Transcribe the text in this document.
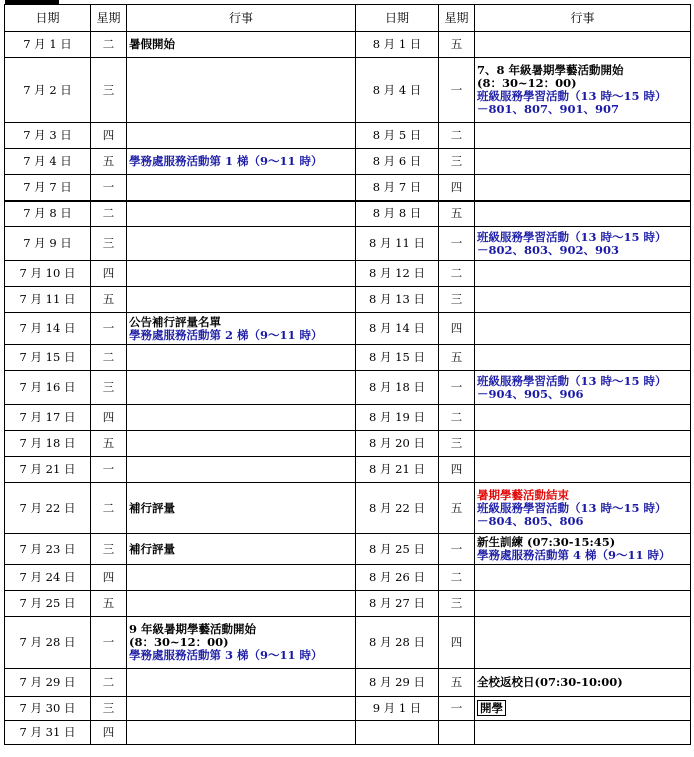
日期	星期	行事	日期	星期	行事
7 月 1 日	二	暑假開始	8 月 1 日	五	
7 月 2 日	三		8 月 4 日	一	7、8 年級暑期學藝活動開始
(8：30~12：00)
班級服務學習活動（13 時～15 時）
－801、807、901、907

7 月 3 日	四		8 月 5 日	二	
7 月 4 日	五	學務處服務活動第 1 梯（9～11 時）	8 月 6 日	三	
7 月 7 日	一		8 月 7 日	四	
7 月 8 日	二		8 月 8 日	五	
7 月 9 日	三		8 月 11 日	一	班級服務學習活動（13 時～15 時）
－802、803、902、903

7 月 10 日	四		8 月 12 日	二	
7 月 11 日	五		8 月 13 日	三	
7 月 14 日	一	公告補行評量名單
學務處服務活動第 2 梯（9～11 時）	8 月 14 日	四	
7 月 15 日	二		8 月 15 日	五	
7 月 16 日	三		8 月 18 日	一	班級服務學習活動（13 時～15 時）
－904、905、906

7 月 17 日	四		8 月 19 日	二	
7 月 18 日	五		8 月 20 日	三	
7 月 21 日	一		8 月 21 日	四	
7 月 22 日	二	補行評量	8 月 22 日	五	暑期學藝活動結束
班級服務學習活動（13 時～15 時）
－804、805、806

7 月 23 日	三	補行評量	8 月 25 日	一	新生訓練 (07:30-15:45)
學務處服務活動第 4 梯（9～11 時）

7 月 24 日	四		8 月 26 日	二	
7 月 25 日	五		8 月 27 日	三	
7 月 28 日	一	9 年級暑期學藝活動開始
(8：30~12：00)
學務處服務活動第 3 梯（9～11 時）	8 月 28 日	四	
7 月 29 日	二		8 月 29 日	五	全校返校日(07:30-10:00)

7 月 30 日	三		9 月 1 日	一	開學

7 月 31 日	四				
